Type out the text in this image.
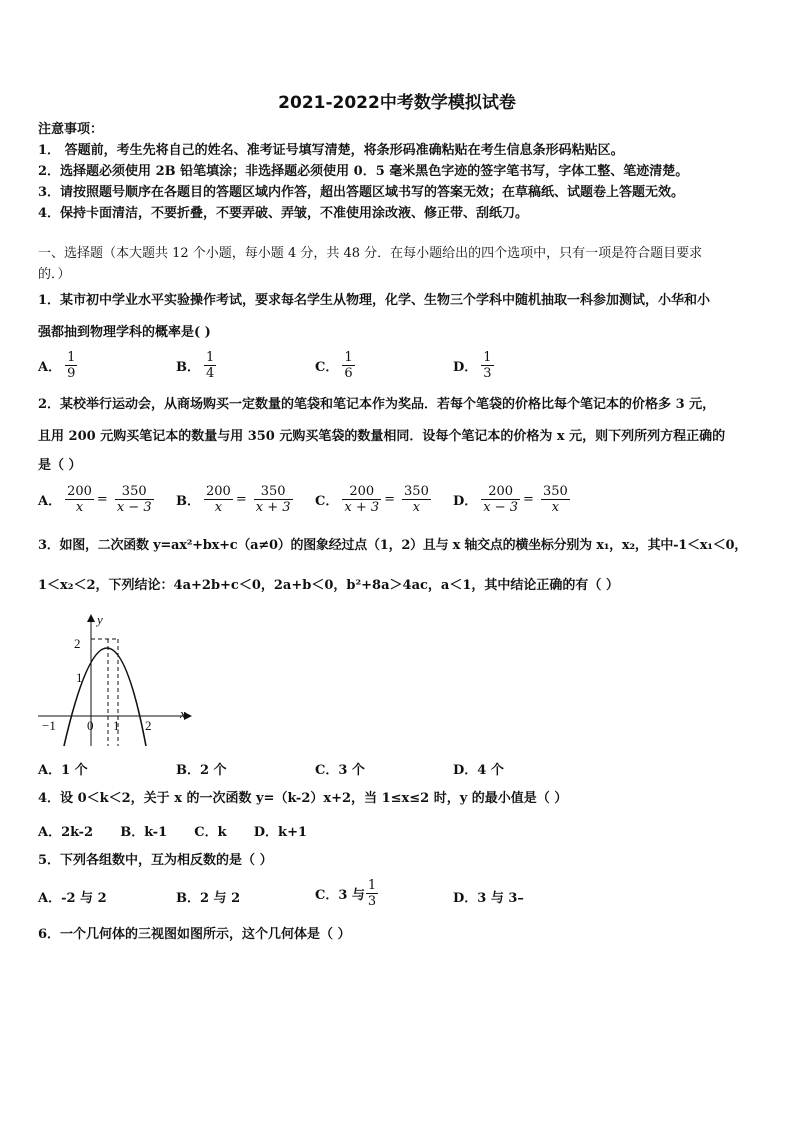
2021-2022中考数学模拟试卷
注意事项：
1． 答题前，考生先将自己的姓名、准考证号填写清楚，将条形码准确粘贴在考生信息条形码粘贴区。
2．选择题必须使用 2B 铅笔填涂；非选择题必须使用 0．5 毫米黑色字迹的签字笔书写，字体工整、笔迹清楚。
3．请按照题号顺序在各题目的答题区域内作答，超出答题区域书写的答案无效；在草稿纸、试题卷上答题无效。
4．保持卡面清洁，不要折叠，不要弄破、弄皱，不准使用涂改液、修正带、刮纸刀。
一、选择题（本大题共 12 个小题，每小题 4 分，共 48 分．在每小题给出的四个选项中，只有一项是符合题目要求
的．）
1．某市初中学业水平实验操作考试，要求每名学生从物理，化学、生物三个学科中随机抽取一科参加测试，小华和小
强都抽到物理学科的概率是( )
A． $\frac{1}{9}$	B． $\frac{1}{4}$	C． $\frac{1}{6}$	D． $\frac{1}{3}$
2．某校举行运动会，从商场购买一定数量的笔袋和笔记本作为奖品．若每个笔袋的价格比每个笔记本的价格多 3 元，
且用 200 元购买笔记本的数量与用 350 元购买笔袋的数量相同．设每个笔记本的价格为 x 元，则下列所列方程正确的
是（ ）
A． $\frac{200}{x} = \frac{350}{x - 3}$ B． $\frac{200}{x} = \frac{350}{x + 3}$ C． $\frac{200}{x + 3} = \frac{350}{x}$ D． $\frac{200}{x - 3} = \frac{350}{x}$
3．如图，二次函数 y=ax²+bx+c（a≠0）的图象经过点（1，2）且与 x 轴交点的横坐标分别为 x₁，x₂，其中-1＜x₁＜0，
1＜x₂＜2，下列结论：4a+2b+c＜0，2a+b＜0，b²+8a＞4ac，a＜1，其中结论正确的有（ ）
y
x
2
1
−1 0 1 2
A．1 个	B．2 个	C．3 个	D．4 个
4．设 0＜k＜2，关于 x 的一次函数 y=（k-2）x+2，当 1≤x≤2 时，y 的最小值是（ ）
A．2k-2      B．k-1      C．k      D．k+1
5．下列各组数中，互为相反数的是（ ）
A．-2 与 2	B．2 与 2	C．3 与 $\frac{1}{3}$	D．3 与 3–
6．一个几何体的三视图如图所示，这个几何体是（ ）
